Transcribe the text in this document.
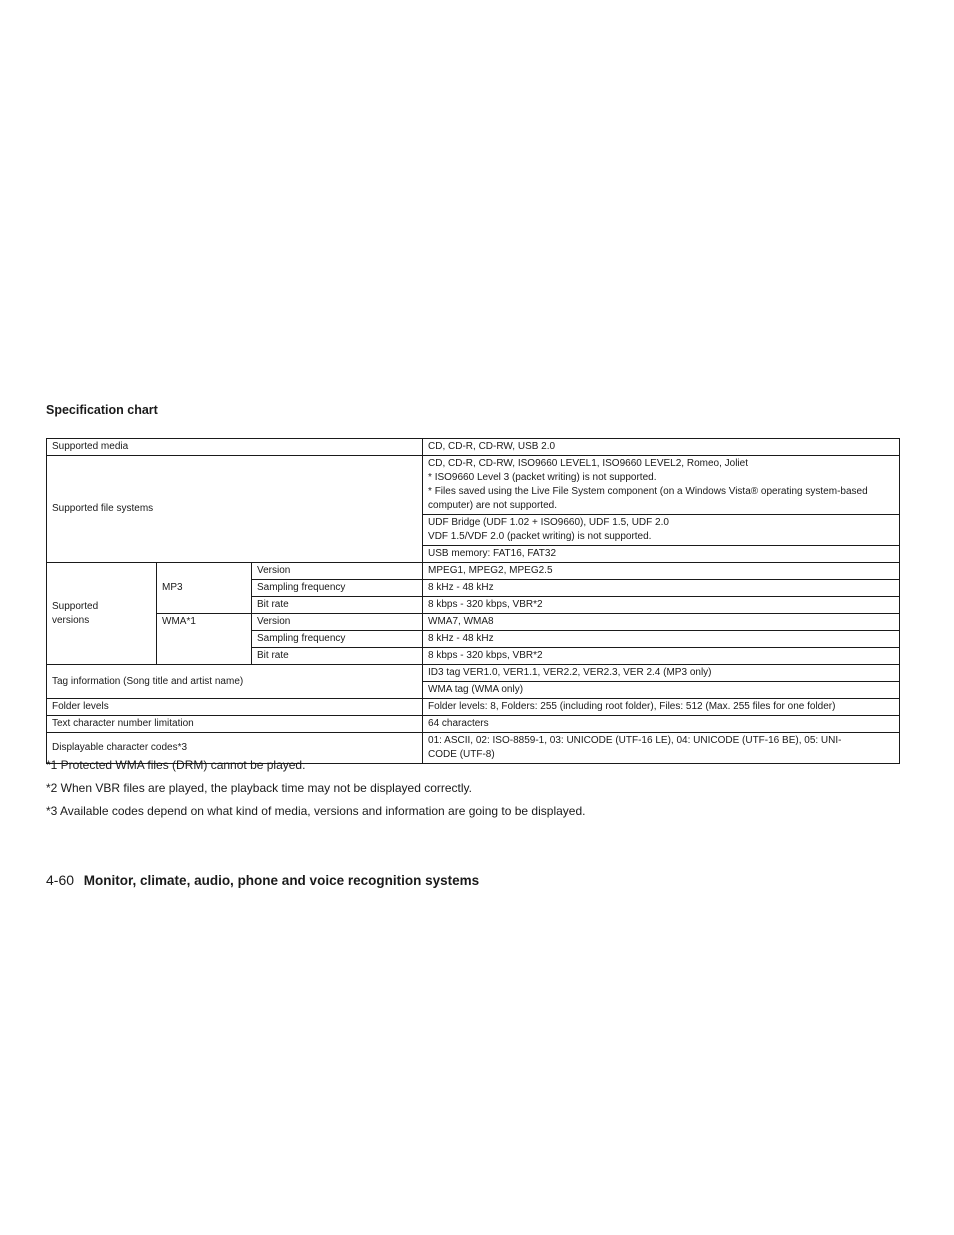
Specification chart
Supported media			CD, CD-R, CD-RW, USB 2.0
Supported file systems			CD, CD-R, CD-RW, ISO9660 LEVEL1, ISO9660 LEVEL2, Romeo, Joliet
* ISO9660 Level 3 (packet writing) is not supported.
* Files saved using the Live File System component (on a Windows Vista® operating system-based computer) are not supported.
			UDF Bridge (UDF 1.02 + ISO9660), UDF 1.5, UDF 2.0
VDF 1.5/VDF 2.0 (packet writing) is not supported.
			USB memory: FAT16, FAT32
Supported
versions	MP3	Version	MPEG1, MPEG2, MPEG2.5
		Sampling frequency	8 kHz - 48 kHz
		Bit rate	8 kbps - 320 kbps, VBR*2
	WMA*1	Version	WMA7, WMA8
		Sampling frequency	8 kHz - 48 kHz
		Bit rate	8 kbps - 320 kbps, VBR*2
Tag information (Song title and artist name)			ID3 tag VER1.0, VER1.1, VER2.2, VER2.3, VER 2.4 (MP3 only)
			WMA tag (WMA only)
Folder levels			Folder levels: 8, Folders: 255 (including root folder), Files: 512 (Max. 255 files for one folder)
Text character number limitation			64 characters
Displayable character codes*3			01: ASCII, 02: ISO-8859-1, 03: UNICODE (UTF-16 LE), 04: UNICODE (UTF-16 BE), 05: UNI-
CODE (UTF-8)

*1 Protected WMA files (DRM) cannot be played.

*2 When VBR files are played, the playback time may not be displayed correctly.

*3 Available codes depend on what kind of media, versions and information are going to be displayed.

4-60 Monitor, climate, audio, phone and voice recognition systems
